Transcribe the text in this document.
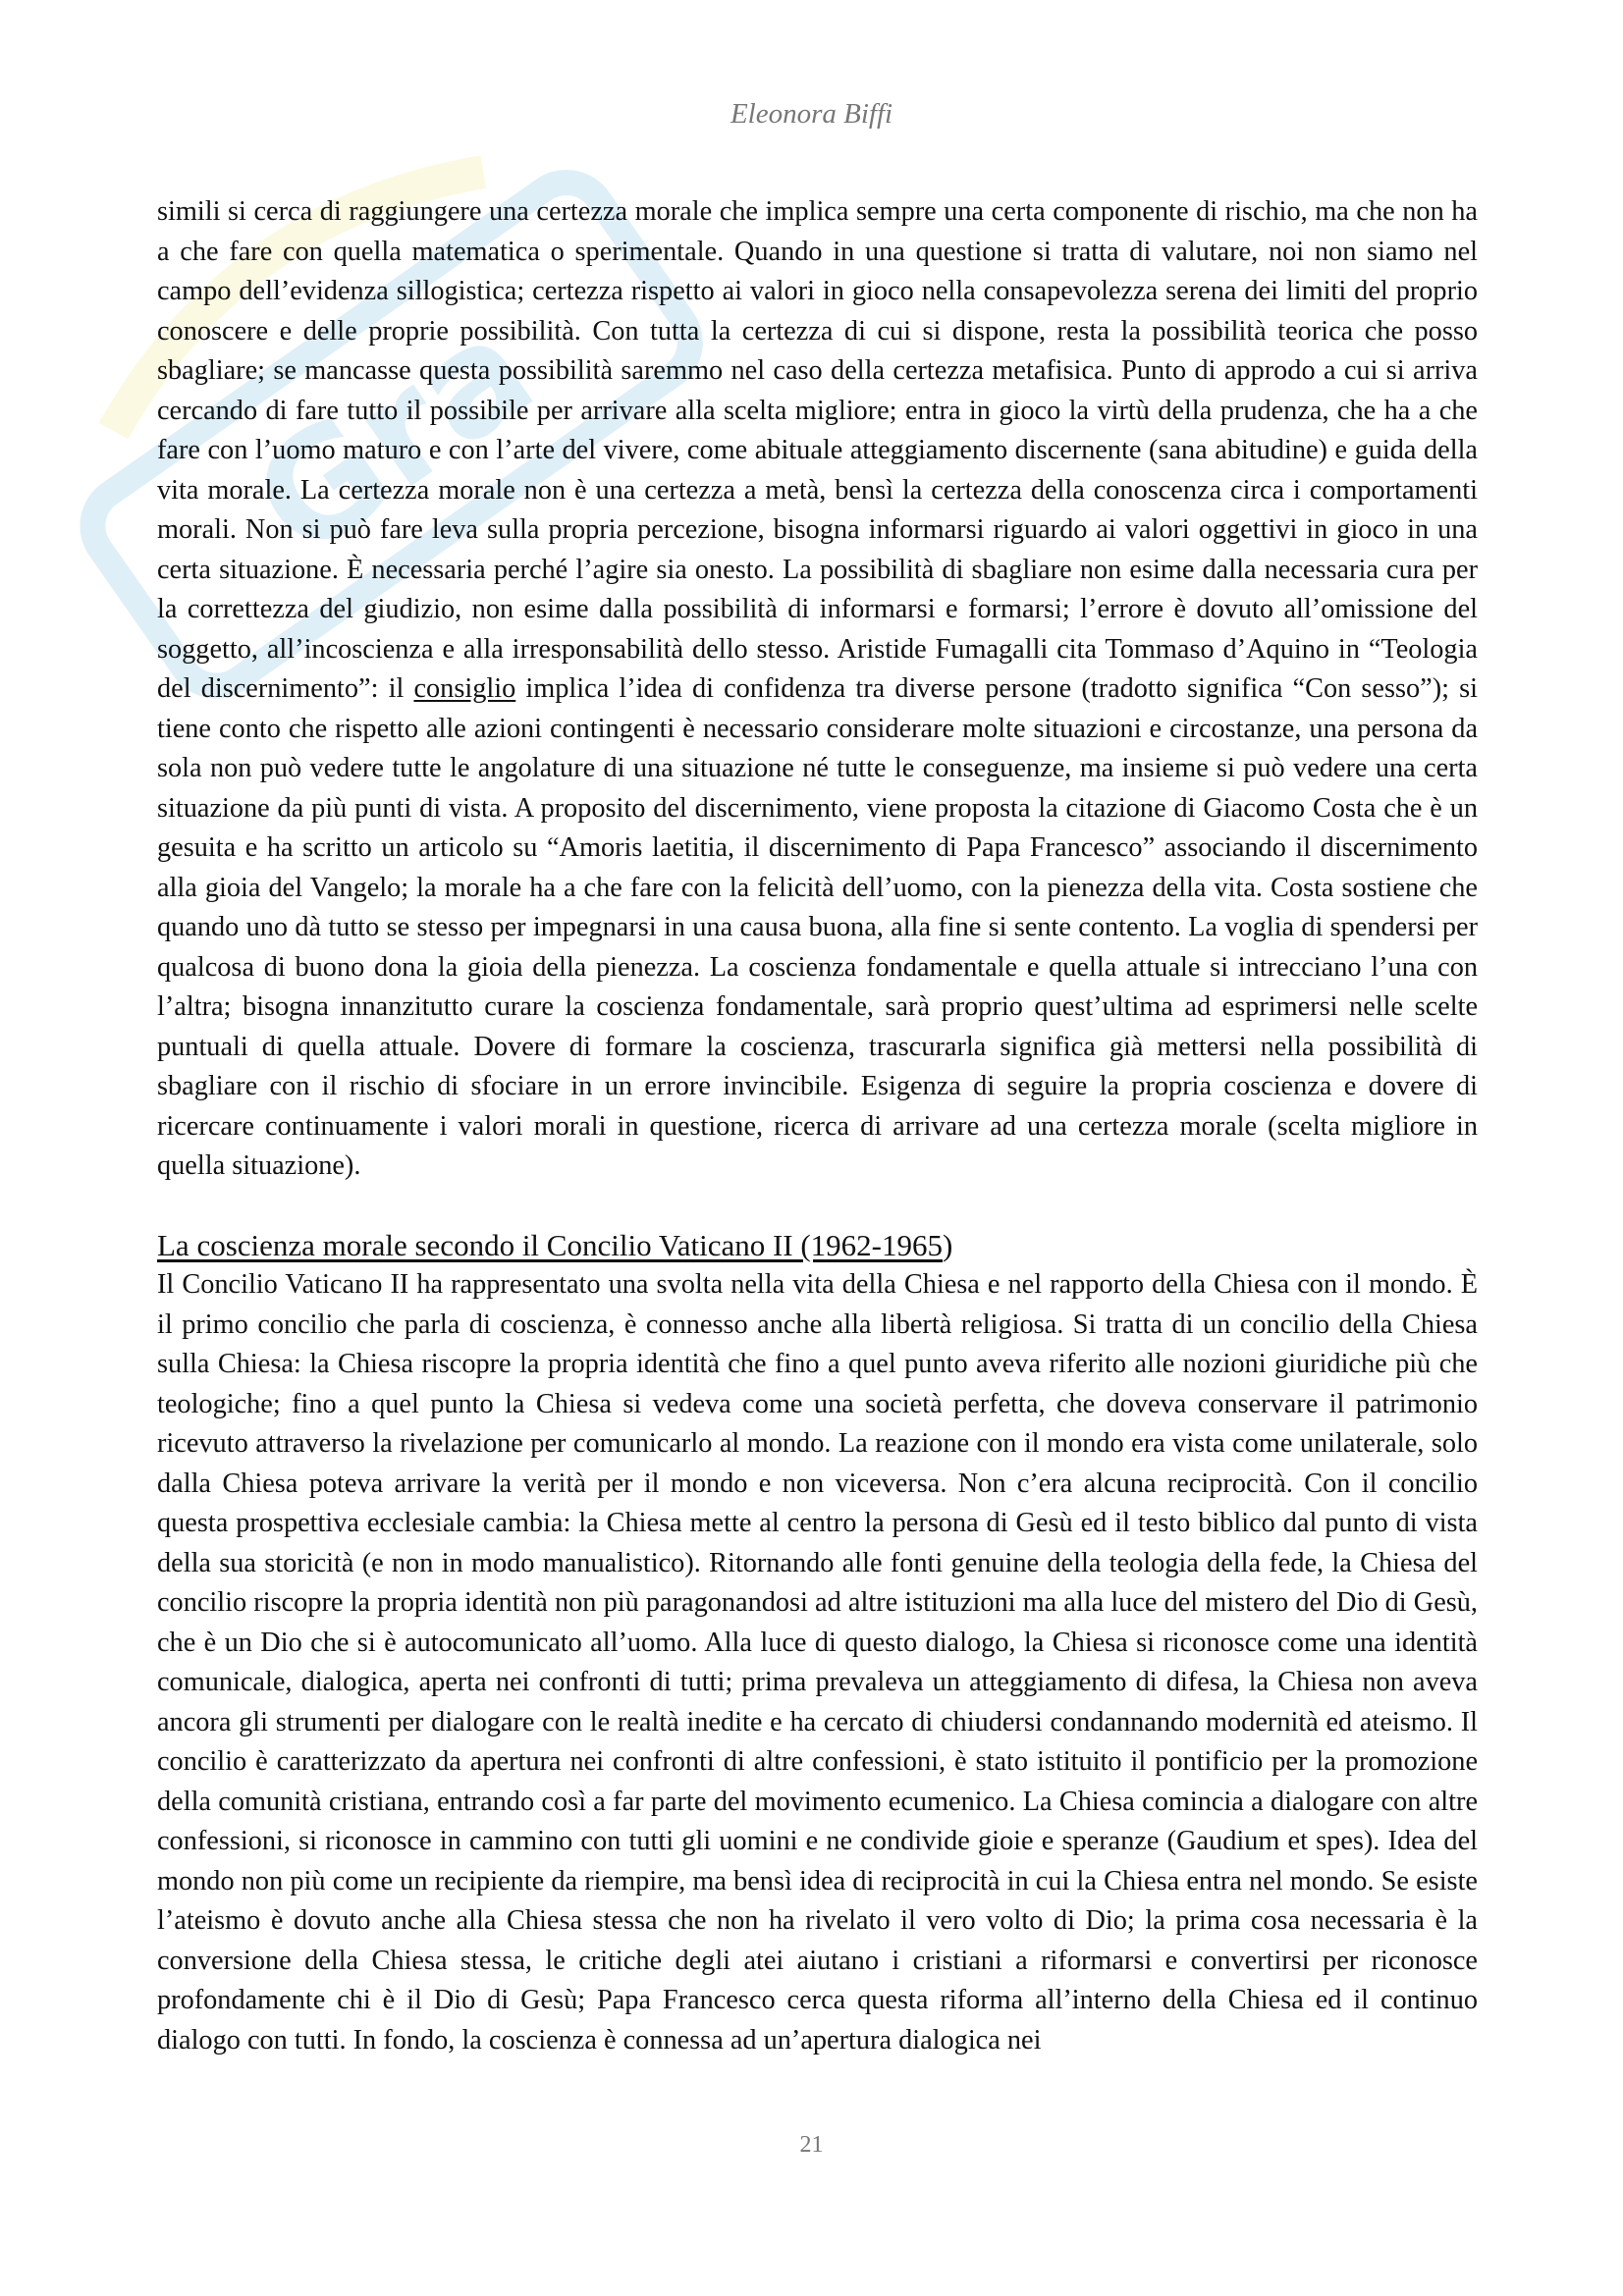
Gra
Eleonora Biffi

simili si cerca di raggiungere una certezza morale che implica sempre una certa componente di rischio, ma che non ha a che fare con quella matematica o sperimentale. Quando in una questione si tratta di valutare, noi non siamo nel campo dell’evidenza sillogistica; certezza rispetto ai valori in gioco nella consapevolezza serena dei limiti del proprio conoscere e delle proprie possibilità. Con tutta la certezza di cui si dispone, resta la possibilità teorica che posso sbagliare; se mancasse questa possibilità saremmo nel caso della certezza metafisica. Punto di approdo a cui si arriva cercando di fare tutto il possibile per arrivare alla scelta migliore; entra in gioco la virtù della prudenza, che ha a che fare con l’uomo maturo e con l’arte del vivere, come abituale atteggiamento discernente (sana abitudine) e guida della vita morale. La certezza morale non è una certezza a metà, bensì la certezza della conoscenza circa i comportamenti morali. Non si può fare leva sulla propria percezione, bisogna informarsi riguardo ai valori oggettivi in gioco in una certa situazione. È necessaria perché l’agire sia onesto. La possibilità di sbagliare non esime dalla necessaria cura per la correttezza del giudizio, non esime dalla possibilità di informarsi e formarsi; l’errore è dovuto all’omissione del soggetto, all’incoscienza e alla irresponsabilità dello stesso. Aristide Fumagalli cita Tommaso d’Aquino in “Teologia del discernimento”: il consiglio implica l’idea di confidenza tra diverse persone (tradotto significa “Con sesso”); si tiene conto che rispetto alle azioni contingenti è necessario considerare molte situazioni e circostanze, una persona da sola non può vedere tutte le angolature di una situazione né tutte le conseguenze, ma insieme si può vedere una certa situazione da più punti di vista. A proposito del discernimento, viene proposta la citazione di Giacomo Costa che è un gesuita e ha scritto un articolo su “Amoris laetitia, il discernimento di Papa Francesco” associando il discernimento alla gioia del Vangelo; la morale ha a che fare con la felicità dell’uomo, con la pienezza della vita. Costa sostiene che quando uno dà tutto se stesso per impegnarsi in una causa buona, alla fine si sente contento. La voglia di spendersi per qualcosa di buono dona la gioia della pienezza. La coscienza fondamentale e quella attuale si intrecciano l’una con l’altra; bisogna innanzitutto curare la coscienza fondamentale, sarà proprio quest’ultima ad esprimersi nelle scelte puntuali di quella attuale. Dovere di formare la coscienza, trascurarla significa già mettersi nella possibilità di sbagliare con il rischio di sfociare in un errore invincibile. Esigenza di seguire la propria coscienza e dovere di ricercare continuamente i valori morali in questione, ricerca di arrivare ad una certezza morale (scelta migliore in quella situazione).

La coscienza morale secondo il Concilio Vaticano II (1962-1965)

Il Concilio Vaticano II ha rappresentato una svolta nella vita della Chiesa e nel rapporto della Chiesa con il mondo. È il primo concilio che parla di coscienza, è connesso anche alla libertà religiosa. Si tratta di un concilio della Chiesa sulla Chiesa: la Chiesa riscopre la propria identità che fino a quel punto aveva riferito alle nozioni giuridiche più che teologiche; fino a quel punto la Chiesa si vedeva come una società perfetta, che doveva conservare il patrimonio ricevuto attraverso la rivelazione per comunicarlo al mondo. La reazione con il mondo era vista come unilaterale, solo dalla Chiesa poteva arrivare la verità per il mondo e non viceversa. Non c’era alcuna reciprocità. Con il concilio questa prospettiva ecclesiale cambia: la Chiesa mette al centro la persona di Gesù ed il testo biblico dal punto di vista della sua storicità (e non in modo manualistico). Ritornando alle fonti genuine della teologia della fede, la Chiesa del concilio riscopre la propria identità non più paragonandosi ad altre istituzioni ma alla luce del mistero del Dio di Gesù, che è un Dio che si è autocomunicato all’uomo. Alla luce di questo dialogo, la Chiesa si riconosce come una identità comunicale, dialogica, aperta nei confronti di tutti; prima prevaleva un atteggiamento di difesa, la Chiesa non aveva ancora gli strumenti per dialogare con le realtà inedite e ha cercato di chiudersi condannando modernità ed ateismo. Il concilio è caratterizzato da apertura nei confronti di altre confessioni, è stato istituito il pontificio per la promozione della comunità cristiana, entrando così a far parte del movimento ecumenico. La Chiesa comincia a dialogare con altre confessioni, si riconosce in cammino con tutti gli uomini e ne condivide gioie e speranze (Gaudium et spes). Idea del mondo non più come un recipiente da riempire, ma bensì idea di reciprocità in cui la Chiesa entra nel mondo. Se esiste l’ateismo è dovuto anche alla Chiesa stessa che non ha rivelato il vero volto di Dio; la prima cosa necessaria è la conversione della Chiesa stessa, le critiche degli atei aiutano i cristiani a riformarsi e convertirsi per riconosce profondamente chi è il Dio di Gesù; Papa Francesco cerca questa riforma all’interno della Chiesa ed il continuo dialogo con tutti. In fondo, la coscienza è connessa ad un’apertura dialogica nei

21
